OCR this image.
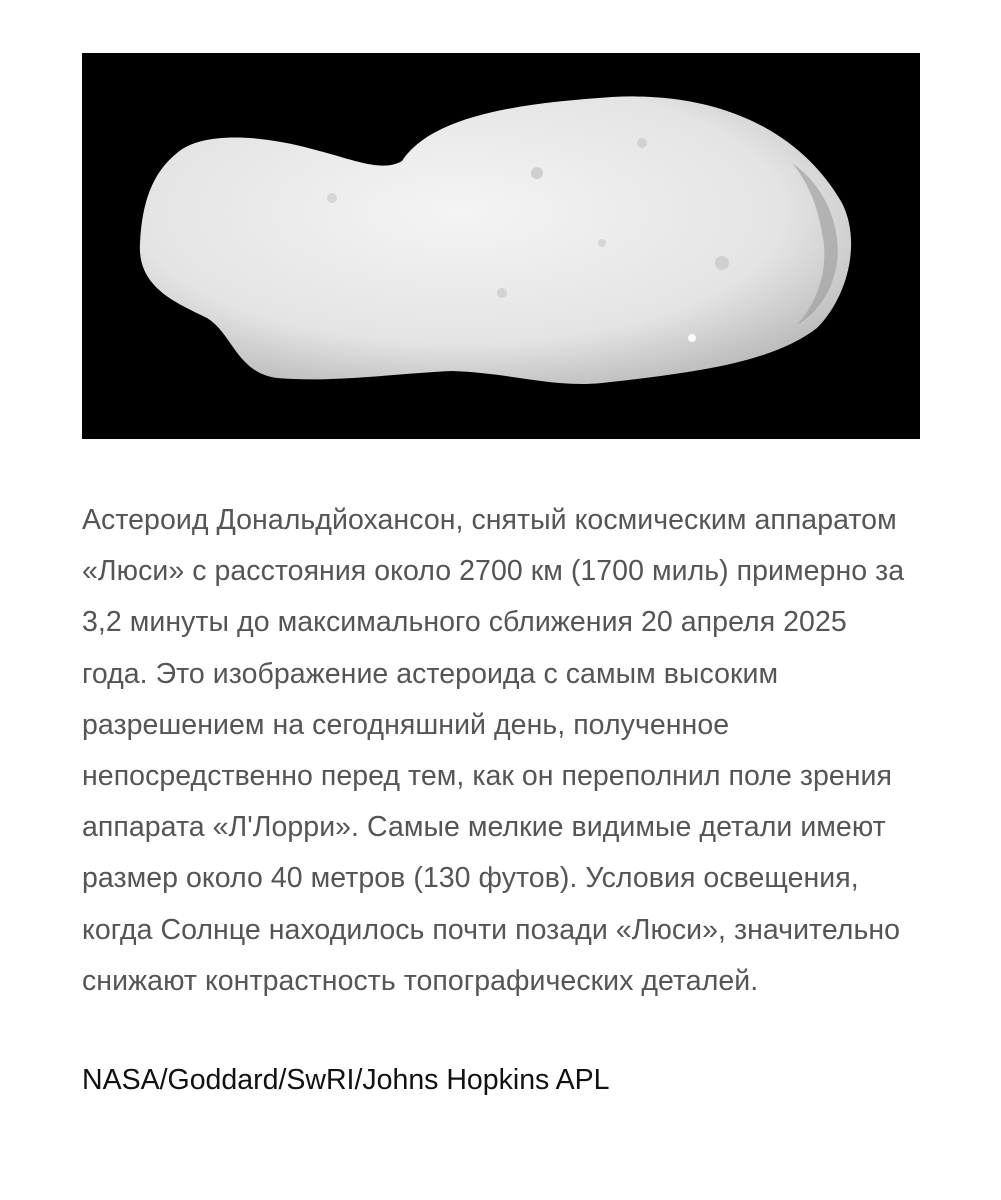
Астероид Дональдйохансон, снятый космическим аппаратом «Люси» с расстояния около 2700 км (1700 миль) примерно за 3,2 минуты до максимального сближения 20 апреля 2025 года. Это изображение астероида с самым высоким разрешением на сегодняшний день, полученное непосредственно перед тем, как он переполнил поле зрения аппарата «Л'Лорри». Самые мелкие видимые детали имеют размер около 40 метров (130 футов). Условия освещения, когда Солнце находилось почти позади «Люси», значительно снижают контрастность топографических деталей.
NASA/Goddard/SwRI/Johns Hopkins APL
